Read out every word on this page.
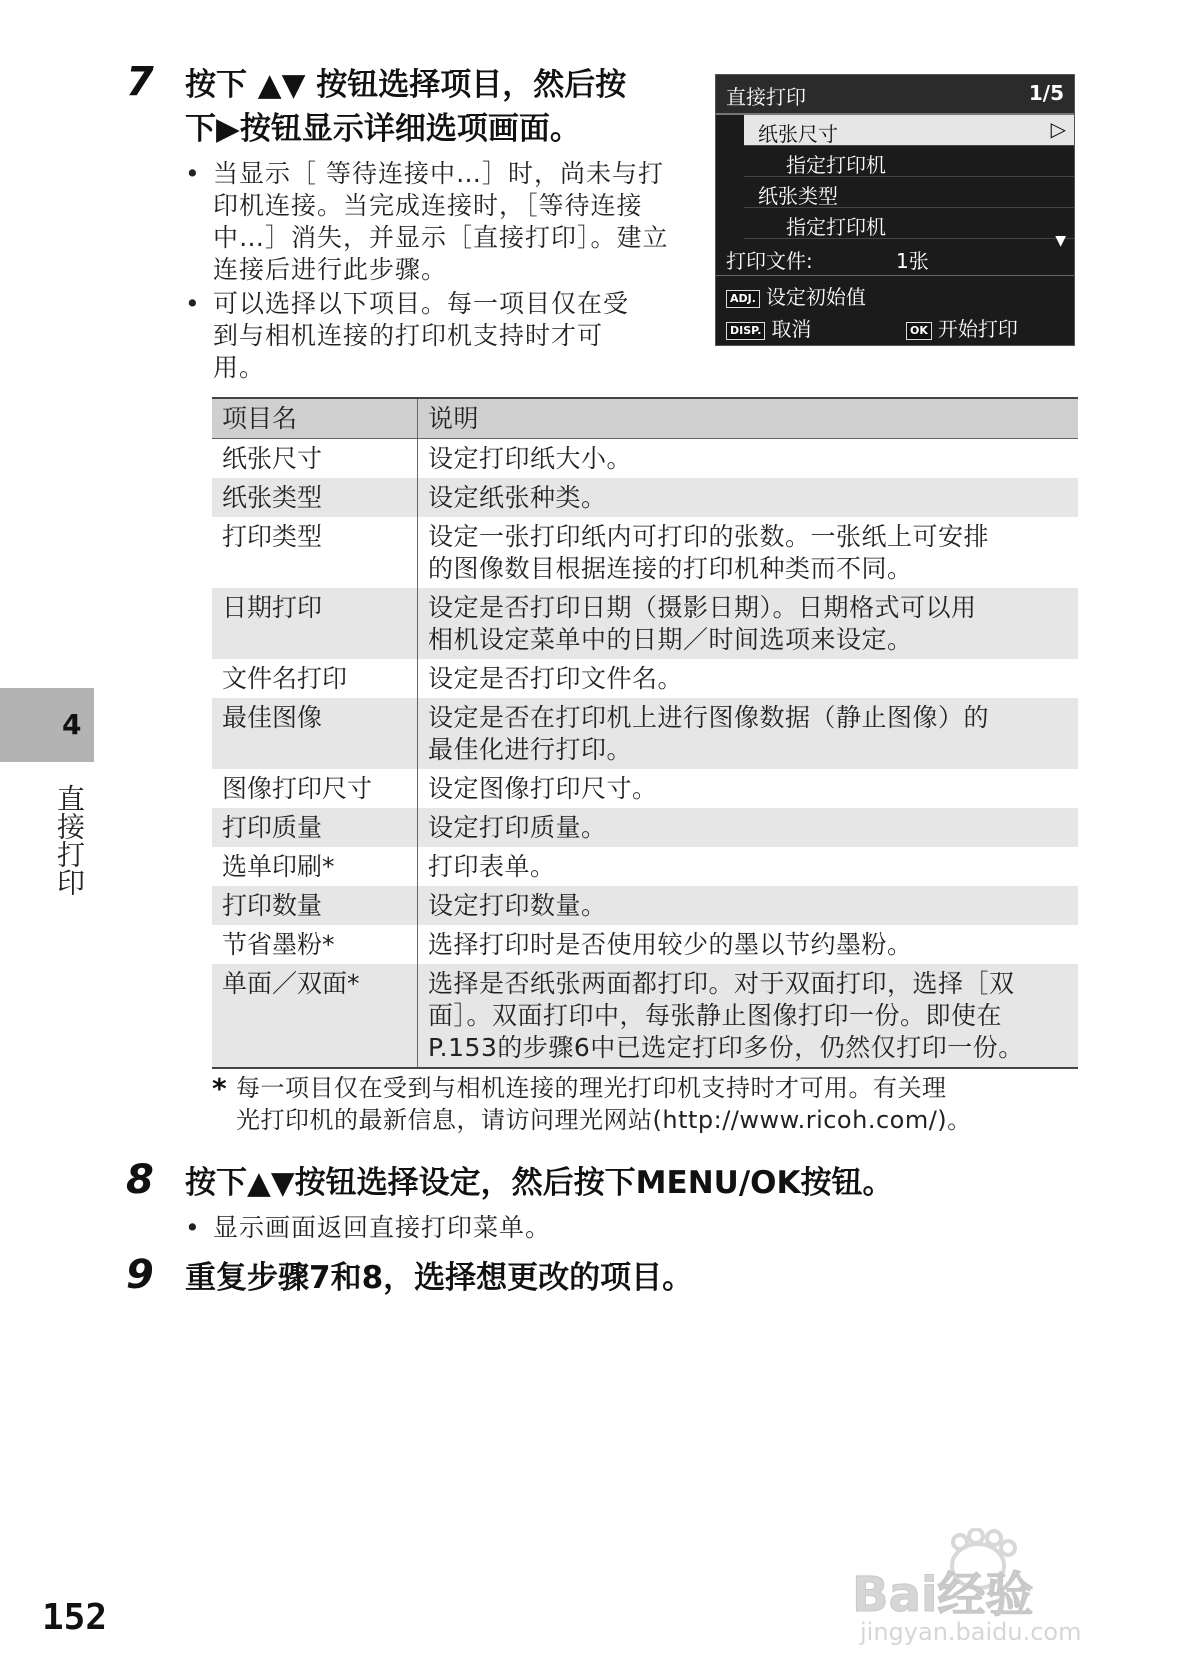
7 按下 ▲▼ 按钮选择项目，然后按
下▶按钮显示详细选项画面。
• 当显示［ 等待连接中…］时，尚未与打
印机连接。当完成连接时，［等待连接
中…］消失，并显示［直接打印］。建立
连接后进行此步骤。
• 可以选择以下项目。每一项目仅在受
到与相机连接的打印机支持时才可
用。
直接打印	1/5
纸张尺寸	▷
指定打印机
纸张类型
指定打印机
▼
打印文件:	1张
ADJ. 设定初始值
DISP. 取消	OK 开始打印
项目名	说明
纸张尺寸	设定打印纸大小。
纸张类型	设定纸张种类。
打印类型	设定一张打印纸内可打印的张数。一张纸上可安排
的图像数目根据连接的打印机种类而不同。
日期打印	设定是否打印日期（摄影日期）。日期格式可以用
相机设定菜单中的日期／时间选项来设定。
文件名打印	设定是否打印文件名。
最佳图像	设定是否在打印机上进行图像数据（静止图像）的
最佳化进行打印。
图像打印尺寸	设定图像打印尺寸。
打印质量	设定打印质量。
选单印刷*	打印表单。
打印数量	设定打印数量。
节省墨粉*	选择打印时是否使用较少的墨以节约墨粉。
单面／双面*	选择是否纸张两面都打印。对于双面打印，选择［双
面］。双面打印中，每张静止图像打印一份。即使在
P.153的步骤6中已选定打印多份，仍然仅打印一份。
* 每一项目仅在受到与相机连接的理光打印机支持时才可用。有关理
光打印机的最新信息，请访问理光网站(http://www.ricoh.com/)。
8 按下▲▼按钮选择设定，然后按下MENU/OK按钮。
• 显示画面返回直接打印菜单。
9 重复步骤7和8，选择想更改的项目。
4
直接打印
152	Bai经验
jingyan.baidu.com
